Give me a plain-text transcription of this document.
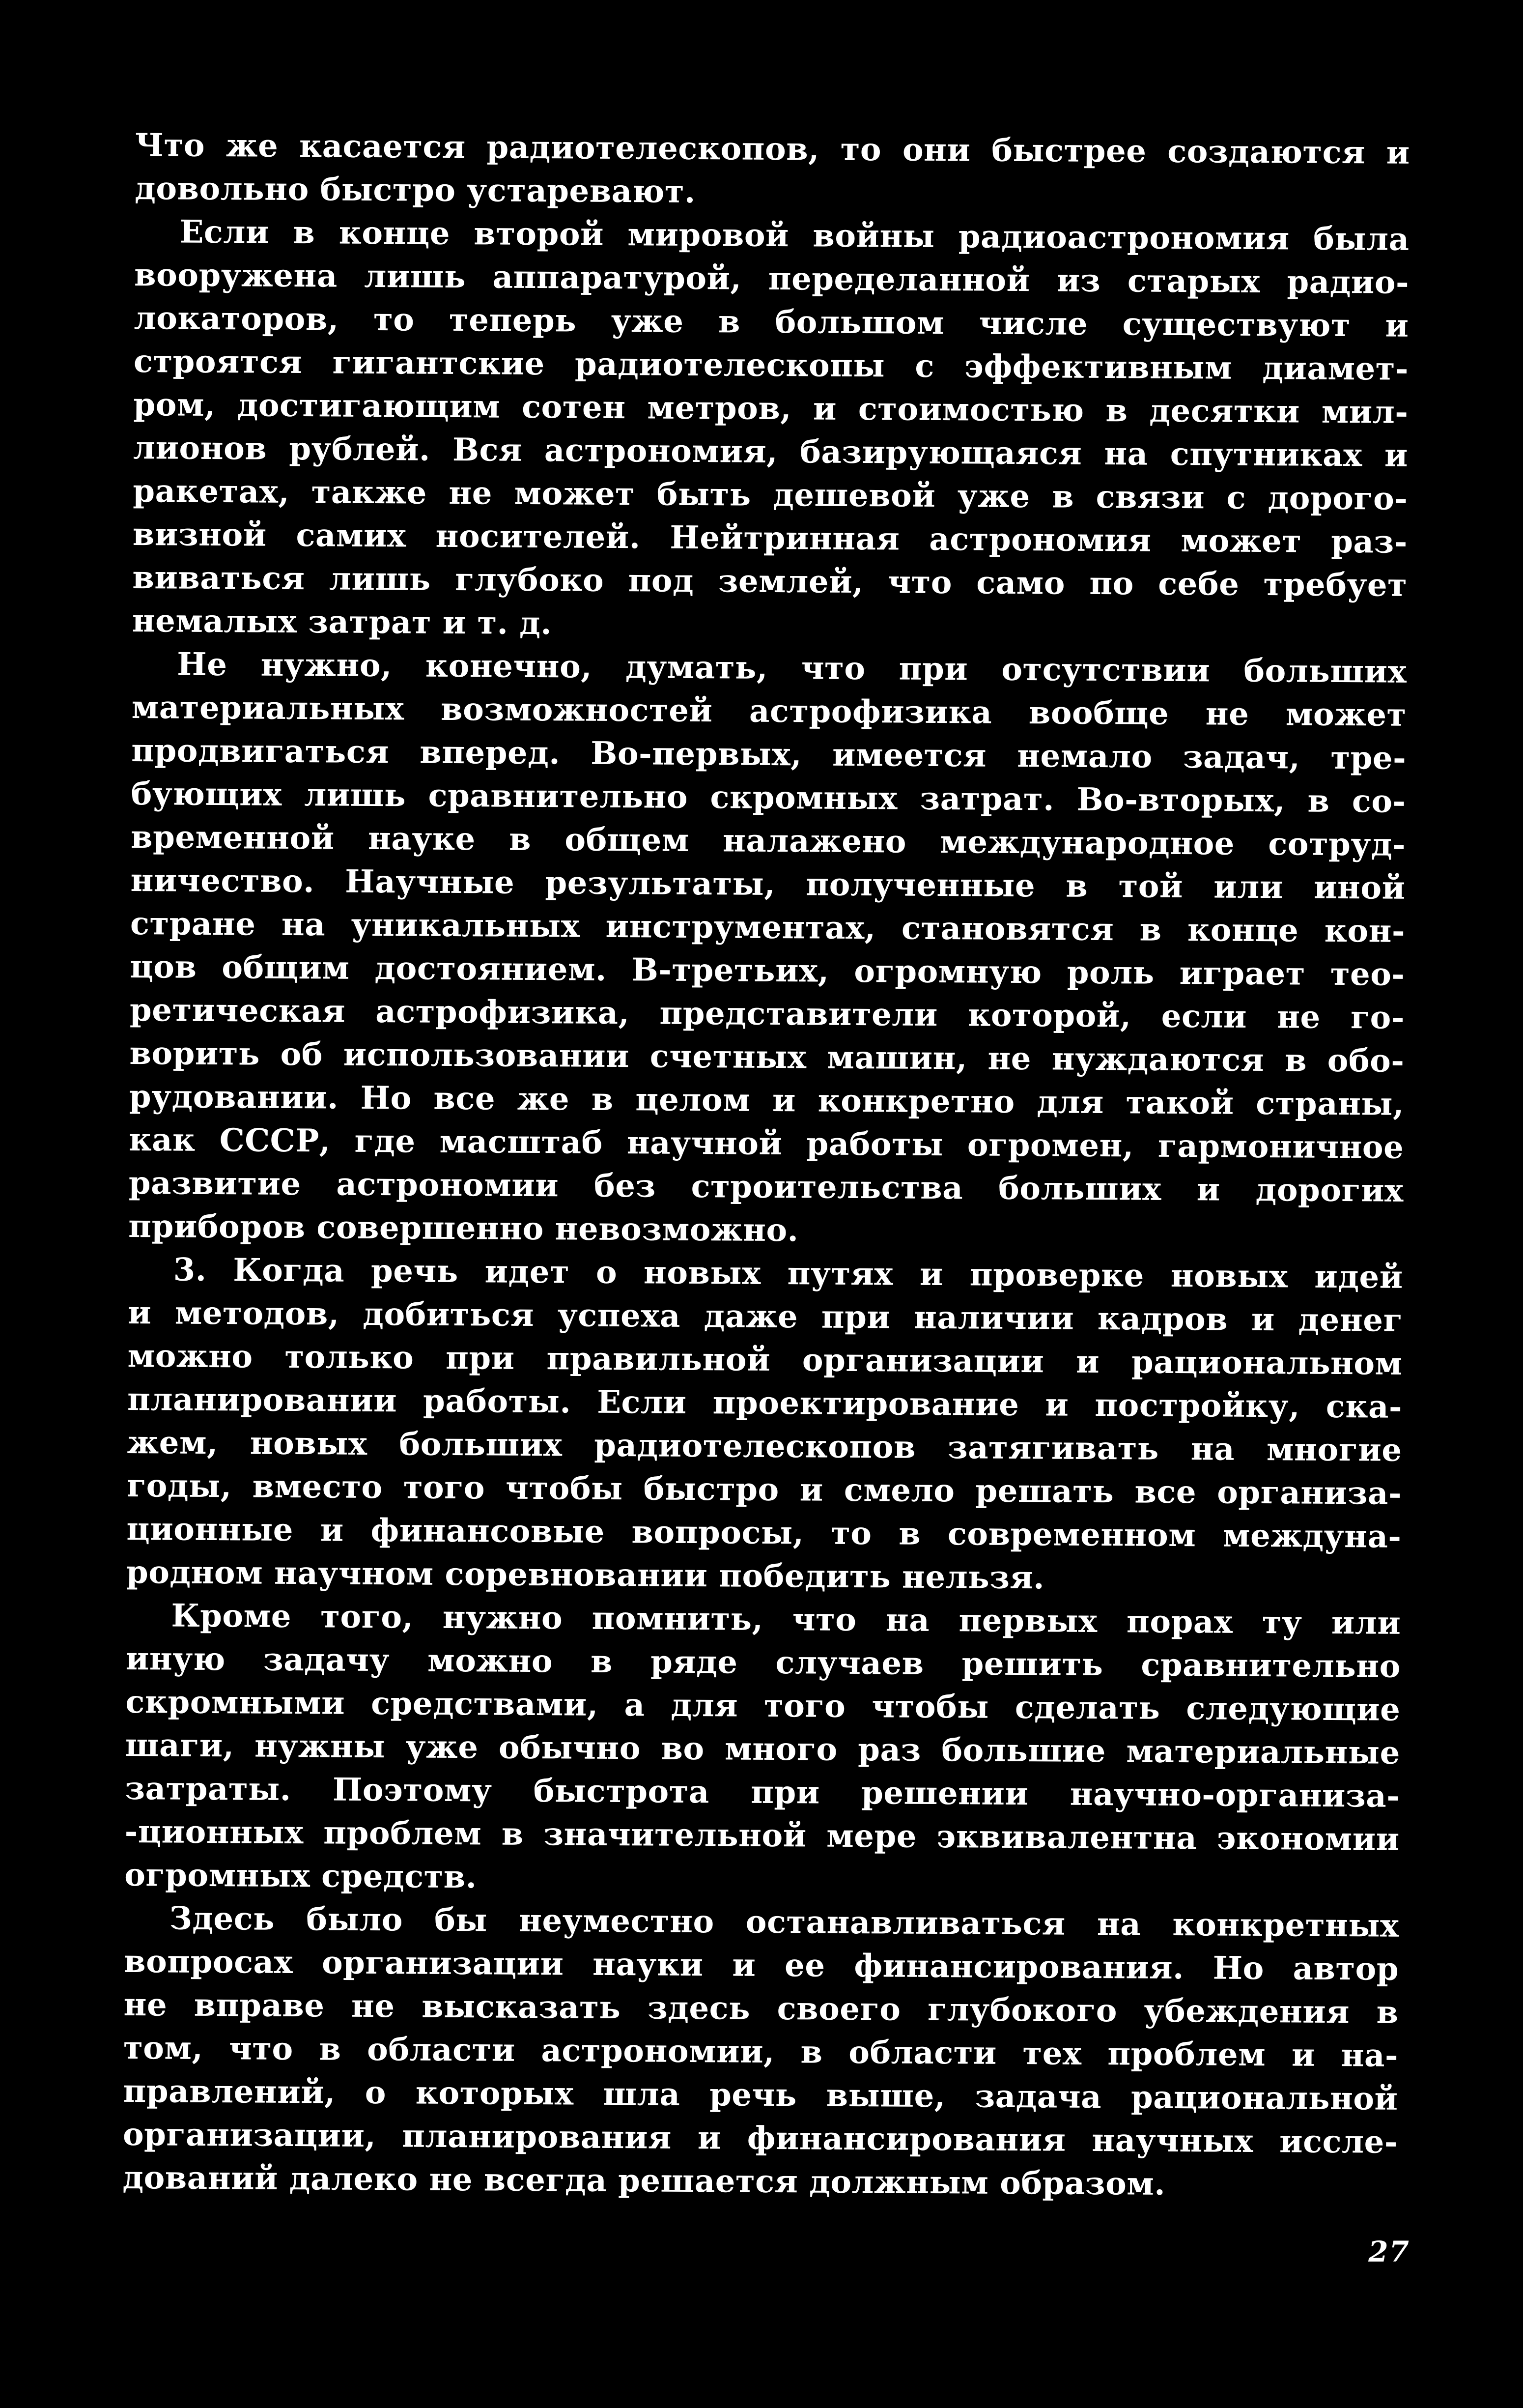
Что же касается радиотелескопов, то они быстрее создаются и
довольно быстро устаревают.
Если в конце второй мировой войны радиоастрономия была
вооружена лишь аппаратурой, переделанной из старых радио-
локаторов, то теперь уже в большом числе существуют и
строятся гигантские радиотелескопы с эффективным диамет-
ром, достигающим сотен метров, и стоимостью в десятки мил-
лионов рублей. Вся астрономия, базирующаяся на спутниках и
ракетах, также не может быть дешевой уже в связи с дорого-
визной самих носителей. Нейтринная астрономия может раз-
виваться лишь глубоко под землей, что само по себе требует
немалых затрат и т. д.
Не нужно, конечно, думать, что при отсутствии больших
материальных возможностей астрофизика вообще не может
продвигаться вперед. Во-первых, имеется немало задач, тре-
бующих лишь сравнительно скромных затрат. Во-вторых, в со-
временной науке в общем налажено международное сотруд-
ничество. Научные результаты, полученные в той или иной
стране на уникальных инструментах, становятся в конце кон-
цов общим достоянием. В-третьих, огромную роль играет тео-
ретическая астрофизика, представители которой, если не го-
ворить об использовании счетных машин, не нуждаются в обо-
рудовании. Но все же в целом и конкретно для такой страны,
как СССР, где масштаб научной работы огромен, гармоничное
развитие астрономии без строительства больших и дорогих
приборов совершенно невозможно.
3. Когда речь идет о новых путях и проверке новых идей
и методов, добиться успеха даже при наличии кадров и денег
можно только при правильной организации и рациональном
планировании работы. Если проектирование и постройку, ска-
жем, новых больших радиотелескопов затягивать на многие
годы, вместо того чтобы быстро и смело решать все организа-
ционные и финансовые вопросы, то в современном междуна-
родном научном соревновании победить нельзя.
Кроме того, нужно помнить, что на первых порах ту или
иную задачу можно в ряде случаев решить сравнительно
скромными средствами, а для того чтобы сделать следующие
шаги, нужны уже обычно во много раз большие материальные
затраты. Поэтому быстрота при решении научно-организа-
-ционных проблем в значительной мере эквивалентна экономии
огромных средств.
Здесь было бы неуместно останавливаться на конкретных
вопросах организации науки и ее финансирования. Но автор
не вправе не высказать здесь своего глубокого убеждения в
том, что в области астрономии, в области тех проблем и на-
правлений, о которых шла речь выше, задача рациональной
организации, планирования и финансирования научных иссле-
дований далеко не всегда решается должным образом.
27
